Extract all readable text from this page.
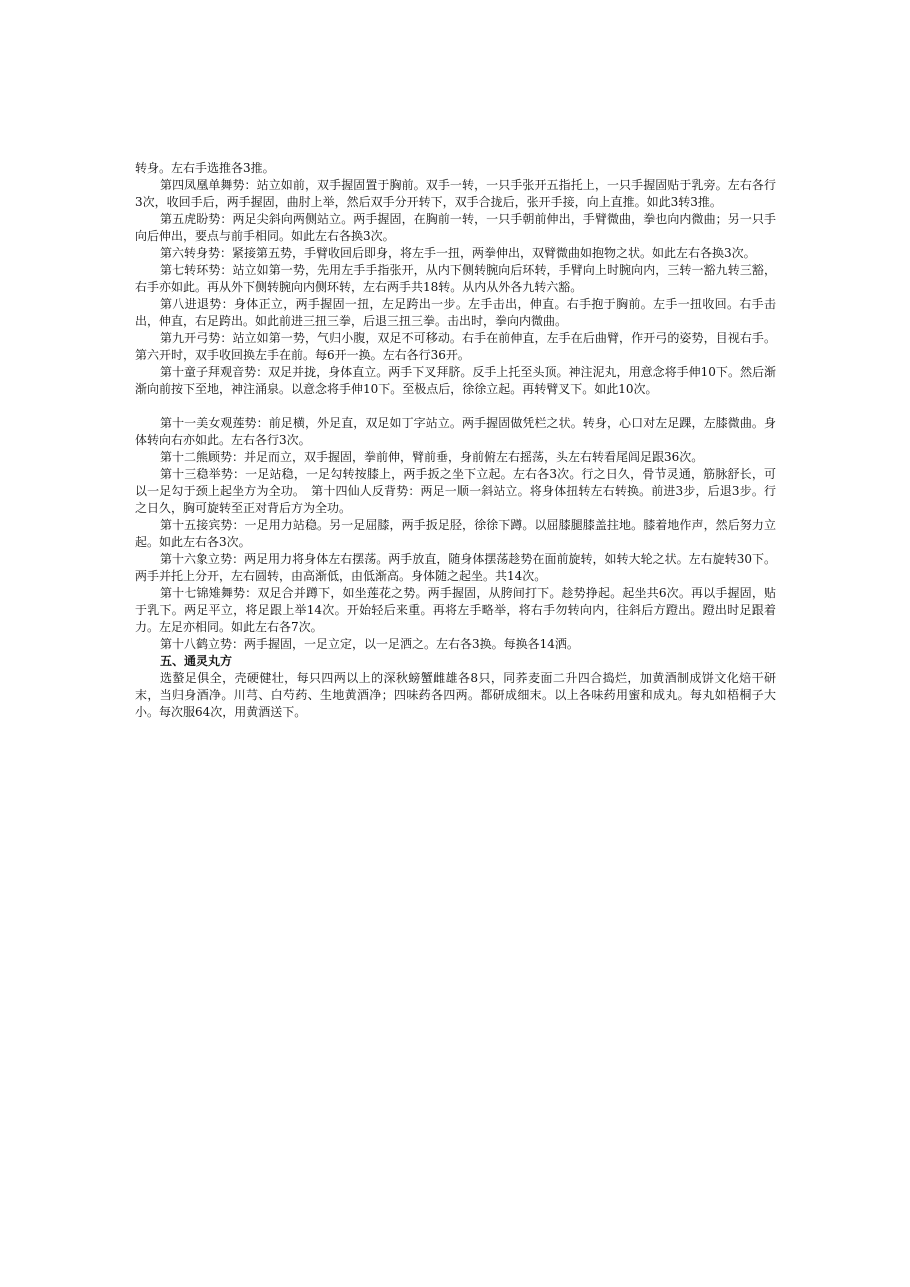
转身。左右手选推各3推。

第四凤凰单舞势：站立如前，双手握固置于胸前。双手一转，一只手张开五指托上，一只手握固贴于乳旁。左右各行3次，收回手后，两手握固，曲肘上举，然后双手分开转下，双手合拢后，张开手接，向上直推。如此3转3推。

第五虎盼势：两足尖斜向两侧站立。两手握固，在胸前一转，一只手朝前伸出，手臂微曲，拳也向内微曲；另一只手向后伸出，要点与前手相同。如此左右各换3次。

第六转身势：紧接第五势，手臂收回后即身，将左手一扭，两拳伸出，双臂微曲如抱物之状。如此左右各换3次。

第七转环势：站立如第一势，先用左手手指张开，从内下侧转腕向后环转，手臂向上时腕向内，三转一豁九转三豁，右手亦如此。再从外下侧转腕向内侧环转，左右两手共18转。从内从外各九转六豁。

第八进退势：身体正立，两手握固一扭，左足跨出一步。左手击出，伸直。右手抱于胸前。左手一扭收回。右手击出，伸直，右足跨出。如此前进三扭三拳，后退三扭三拳。击出时，拳向内微曲。

第九开弓势：站立如第一势，气归小腹，双足不可移动。右手在前伸直，左手在后曲臂，作开弓的姿势，目视右手。第六开时，双手收回换左手在前。每6开一换。左右各行36开。

第十童子拜观音势：双足并拢，身体直立。两手下叉拜脐。反手上托至头顶。神注泥丸，用意念将手伸10下。然后渐渐向前按下至地，神注涌泉。以意念将手伸10下。至极点后，徐徐立起。再转臂叉下。如此10次。

第十一美女观莲势：前足横，外足直，双足如丁字站立。两手握固做凭栏之状。转身，心口对左足踝，左膝微曲。身体转向右亦如此。左右各行3次。

第十二熊顾势：并足而立，双手握固，拳前伸，臂前垂，身前俯左右摇荡，头左右转看尾闾足跟36次。

第十三稳举势：一足站稳，一足勾转按膝上，两手扳之坐下立起。左右各3次。行之日久，骨节灵通，筋脉舒长，可以一足勾于颈上起坐方为全功。　第十四仙人反背势：两足一顺一斜站立。将身体扭转左右转换。前进3步，后退3步。行之日久，胸可旋转至正对背后方为全功。

第十五接宾势：一足用力站稳。另一足屈膝，两手扳足胫，徐徐下蹲。以屈膝腿膝盖拄地。膝着地作声，然后努力立起。如此左右各3次。

第十六象立势：两足用力将身体左右摆荡。两手放直，随身体摆荡趁势在面前旋转，如转大轮之状。左右旋转30下。两手并托上分开，左右圆转，由高渐低，由低渐高。身体随之起坐。共14次。

第十七锦雉舞势：双足合并蹲下，如坐莲花之势。两手握固，从胯间打下。趁势挣起。起坐共6次。再以手握固，贴于乳下。两足平立，将足跟上举14次。开始轻后来重。再将左手略举，将右手勿转向内，往斜后方蹬出。蹬出时足跟着力。左足亦相同。如此左右各7次。

第十八鹤立势：两手握固，一足立定，以一足洒之。左右各3换。每换各14洒。

五、通灵丸方

选螯足俱全，壳硬健壮，每只四两以上的深秋螃蟹雌雄各8只，同荞麦面二升四合捣烂，加黄酒制成饼文化焙干研末，当归身酒净。川芎、白芍药、生地黄酒净；四味药各四两。都研成细末。以上各味药用蜜和成丸。每丸如梧桐子大小。每次服64次，用黄酒送下。
